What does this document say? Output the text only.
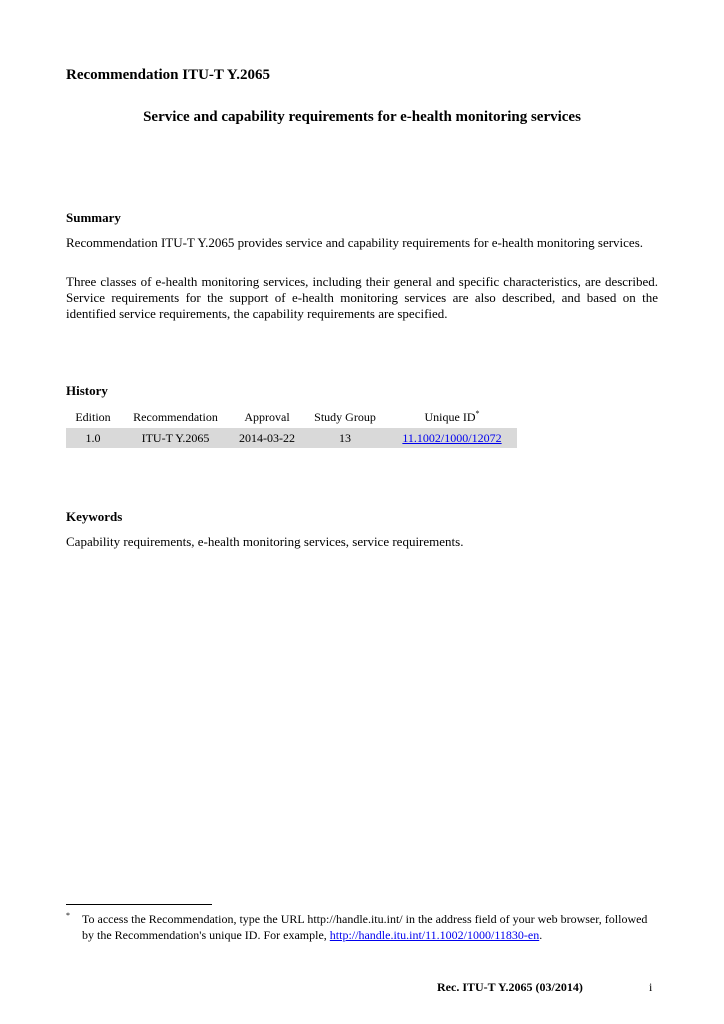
Recommendation ITU-T Y.2065
Service and capability requirements for e-health monitoring services
Summary
Recommendation ITU-T Y.2065 provides service and capability requirements for e-health monitoring services.
Three classes of e-health monitoring services, including their general and specific characteristics, are described. Service requirements for the support of e-health monitoring services are also described, and based on the identified service requirements, the capability requirements are specified.
History
Edition	Recommendation	Approval	Study Group	Unique ID*
1.0	ITU-T Y.2065	2014-03-22	13	11.1002/1000/12072
Keywords
Capability requirements, e-health monitoring services, service requirements.
* To access the Recommendation, type the URL http://handle.itu.int/ in the address field of your web browser, followed by the Recommendation's unique ID. For example, http://handle.itu.int/11.1002/1000/11830-en.
Rec. ITU-T Y.2065 (03/2014)	i
